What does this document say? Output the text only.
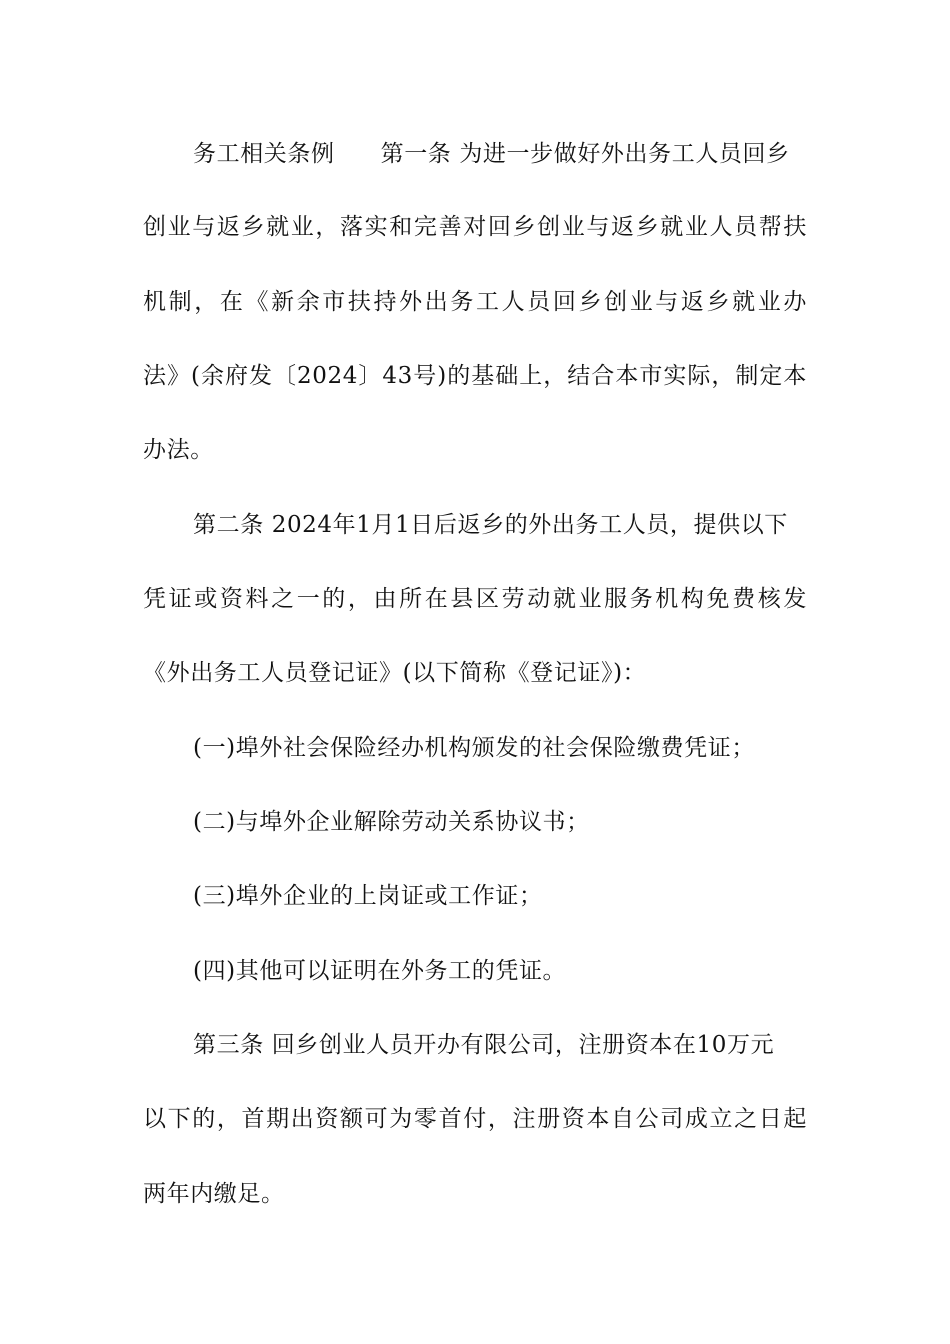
务工相关条例 第一条 为进一步做好外出务工人员回乡
创业与返乡就业，落实和完善对回乡创业与返乡就业人员帮扶
机制，在《新余市扶持外出务工人员回乡创业与返乡就业办
法》(余府发〔2024〕43号)的基础上，结合本市实际，制定本
办法。
第二条 2024年1月1日后返乡的外出务工人员，提供以下
凭证或资料之一的，由所在县区劳动就业服务机构免费核发
《外出务工人员登记证》(以下简称《登记证》)：
(一)埠外社会保险经办机构颁发的社会保险缴费凭证；
(二)与埠外企业解除劳动关系协议书；
(三)埠外企业的上岗证或工作证；
(四)其他可以证明在外务工的凭证。
第三条 回乡创业人员开办有限公司，注册资本在10万元
以下的，首期出资额可为零首付，注册资本自公司成立之日起
两年内缴足。
